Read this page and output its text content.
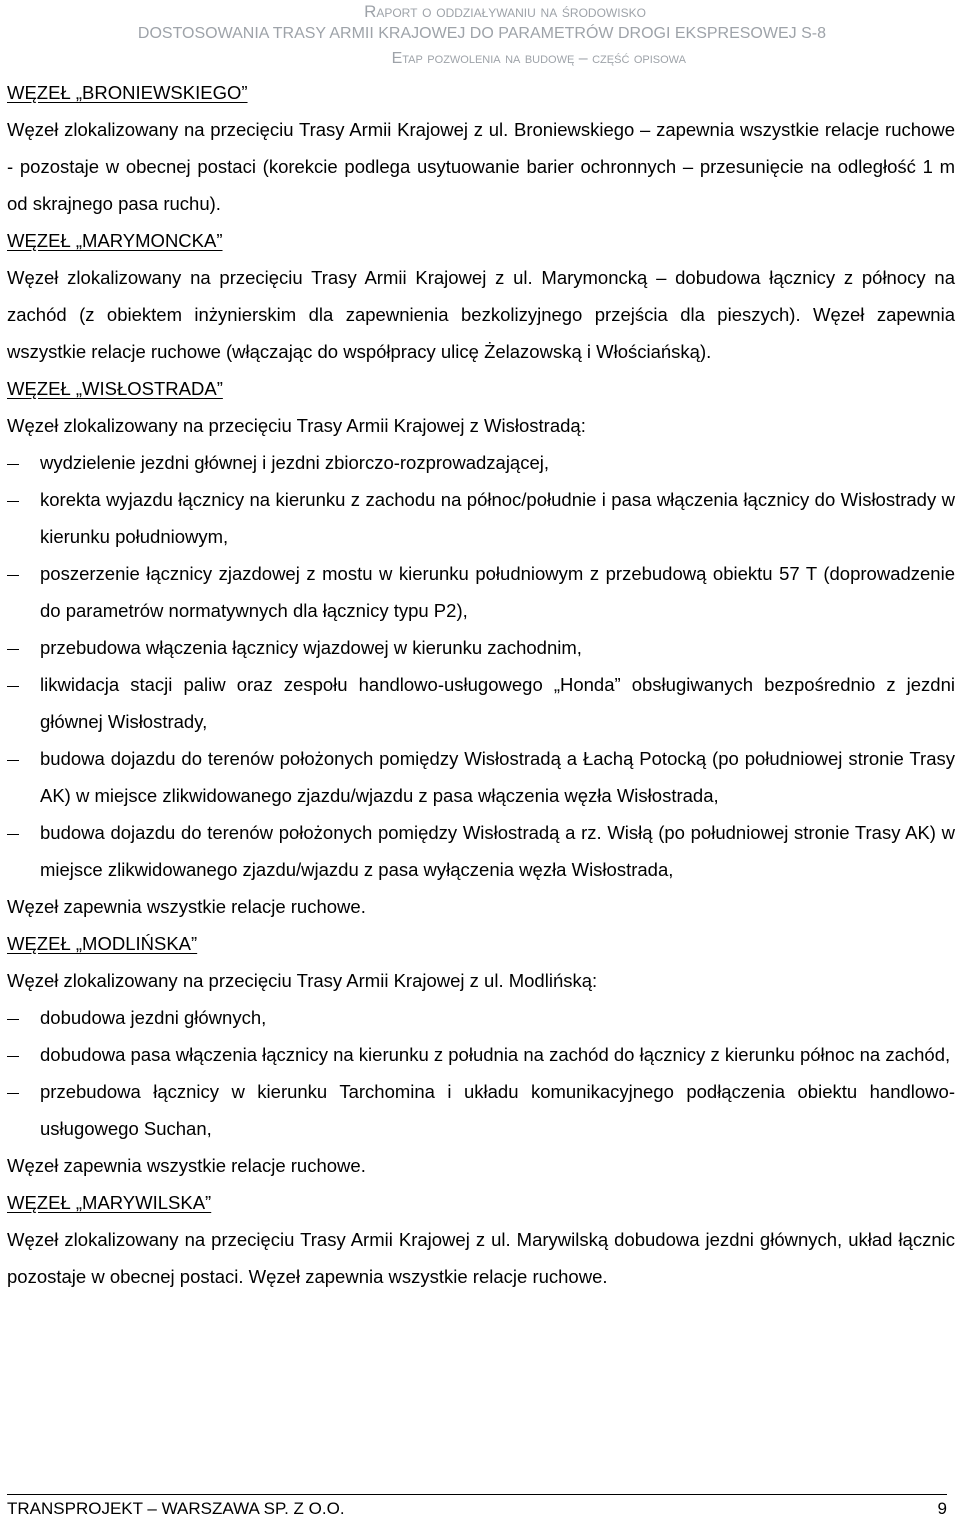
Raport o oddziaływaniu na środowisko
DOSTOSOWANIA TRASY ARMII KRAJOWEJ DO PARAMETRÓW DROGI EKSPRESOWEJ S-8
Etap pozwolenia na budowę – część opisowa
WĘZEŁ „BRONIEWSKIEGO”
Węzeł zlokalizowany na przecięciu Trasy Armii Krajowej z ul. Broniewskiego – zapewnia wszystkie relacje ruchowe - pozostaje w obecnej postaci (korekcie podlega usytuowanie barier ochronnych – przesunięcie na odległość 1 m od skrajnego pasa ruchu).
WĘZEŁ „MARYMONCKA”
Węzeł zlokalizowany na przecięciu Trasy Armii Krajowej z ul. Marymoncką – dobudowa łącznicy z północy na zachód (z obiektem inżynierskim dla zapewnienia bezkolizyjnego przejścia dla pieszych). Węzeł zapewnia wszystkie relacje ruchowe (włączając do współpracy ulicę Żelazowską i Włościańską).
WĘZEŁ „WISŁOSTRADA”
Węzeł zlokalizowany na przecięciu Trasy Armii Krajowej z Wisłostradą:
wydzielenie jezdni głównej i jezdni zbiorczo-rozprowadzającej,
korekta wyjazdu łącznicy na kierunku z zachodu na północ/południe i pasa włączenia łącznicy do Wisłostrady w kierunku południowym,
poszerzenie łącznicy zjazdowej z mostu w kierunku południowym z przebudową obiektu 57 T (doprowadzenie do parametrów normatywnych dla łącznicy typu P2),
przebudowa włączenia łącznicy wjazdowej w kierunku zachodnim,
likwidacja stacji paliw oraz zespołu handlowo-usługowego „Honda” obsługiwanych bezpośrednio z jezdni głównej Wisłostrady,
budowa dojazdu do terenów położonych pomiędzy Wisłostradą a Łachą Potocką (po południowej stronie Trasy AK) w miejsce zlikwidowanego zjazdu/wjazdu z pasa włączenia węzła Wisłostrada,
budowa dojazdu do terenów położonych pomiędzy Wisłostradą a rz. Wisłą (po południowej stronie Trasy AK) w miejsce zlikwidowanego zjazdu/wjazdu z pasa wyłączenia węzła Wisłostrada,
Węzeł zapewnia wszystkie relacje ruchowe.
WĘZEŁ „MODLIŃSKA”
Węzeł zlokalizowany na przecięciu Trasy Armii Krajowej z ul. Modlińską:
dobudowa jezdni głównych,
dobudowa pasa włączenia łącznicy na kierunku z południa na zachód do łącznicy z kierunku północ na zachód,
przebudowa łącznicy w kierunku Tarchomina i układu komunikacyjnego podłączenia obiektu handlowo-usługowego Suchan,
Węzeł zapewnia wszystkie relacje ruchowe.
WĘZEŁ „MARYWILSKA”
Węzeł zlokalizowany na przecięciu Trasy Armii Krajowej z ul. Marywilską dobudowa jezdni głównych, układ łącznic pozostaje w obecnej postaci. Węzeł zapewnia wszystkie relacje ruchowe.
TRANSPROJEKT – WARSZAWA SP. Z O.O.	9
